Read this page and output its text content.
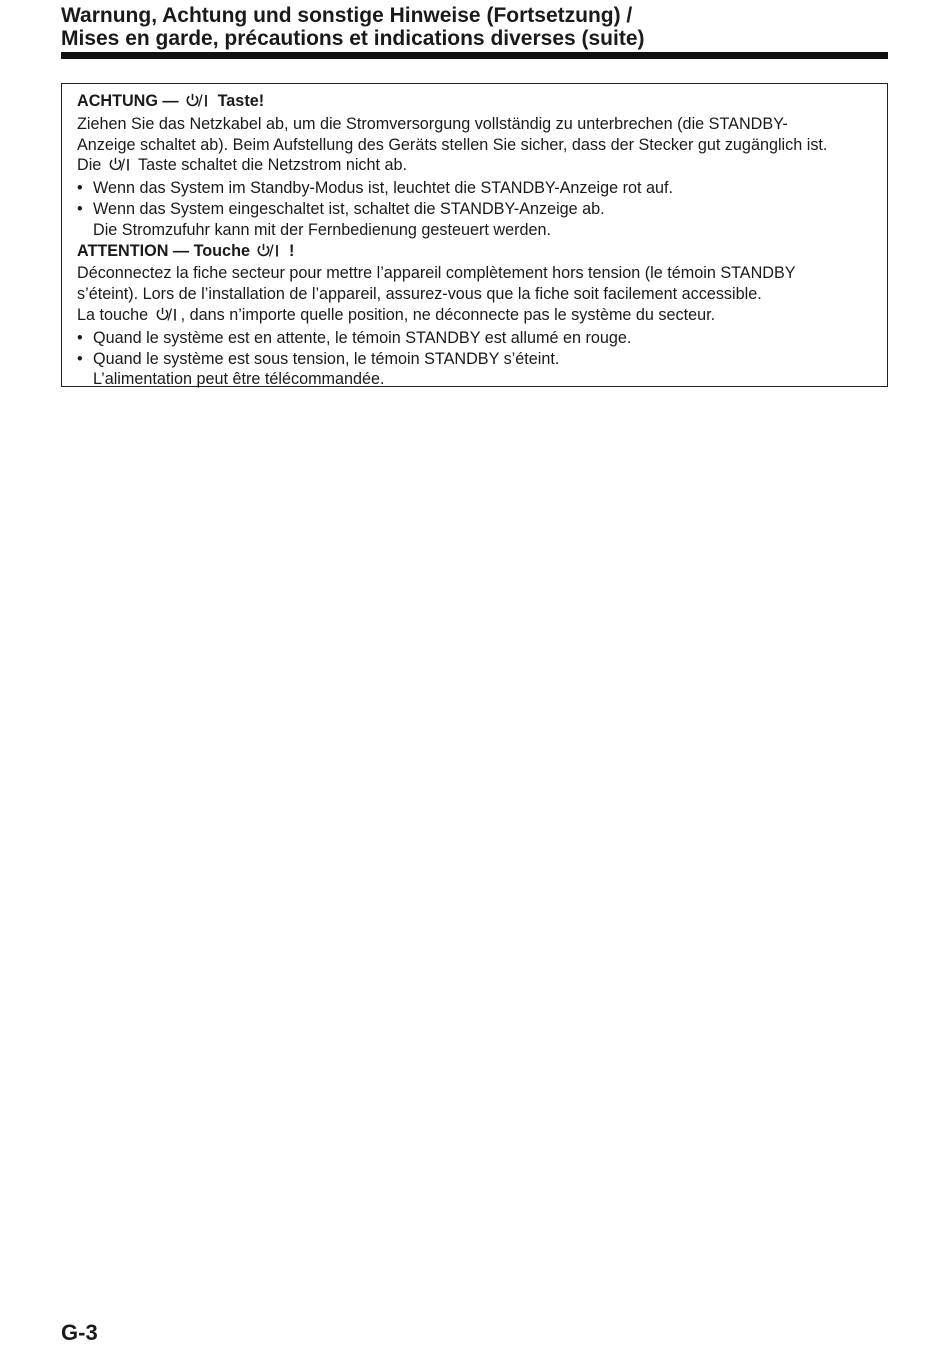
Warnung, Achtung und sonstige Hinweise (Fortsetzung) /
Mises en garde, précautions et indications diverses (suite)
ACHTUNG —  Taste!
Ziehen Sie das Netzkabel ab, um die Stromversorgung vollständig zu unterbrechen (die STANDBY-
Anzeige schaltet ab). Beim Aufstellung des Geräts stellen Sie sicher, dass der Stecker gut zugänglich ist.
Die  Taste schaltet die Netzstrom nicht ab.
• Wenn das System im Standby-Modus ist, leuchtet die STANDBY-Anzeige rot auf.
• Wenn das System eingeschaltet ist, schaltet die STANDBY-Anzeige ab.
Die Stromzufuhr kann mit der Fernbedienung gesteuert werden.
ATTENTION — Touche  !
Déconnectez la fiche secteur pour mettre l’appareil complètement hors tension (le témoin STANDBY
s’éteint). Lors de l’installation de l’appareil, assurez-vous que la fiche soit facilement accessible.
La touche , dans n’importe quelle position, ne déconnecte pas le système du secteur.
• Quand le système est en attente, le témoin STANDBY est allumé en rouge.
• Quand le système est sous tension, le témoin STANDBY s’éteint.
L’alimentation peut être télécommandée.
G-3
